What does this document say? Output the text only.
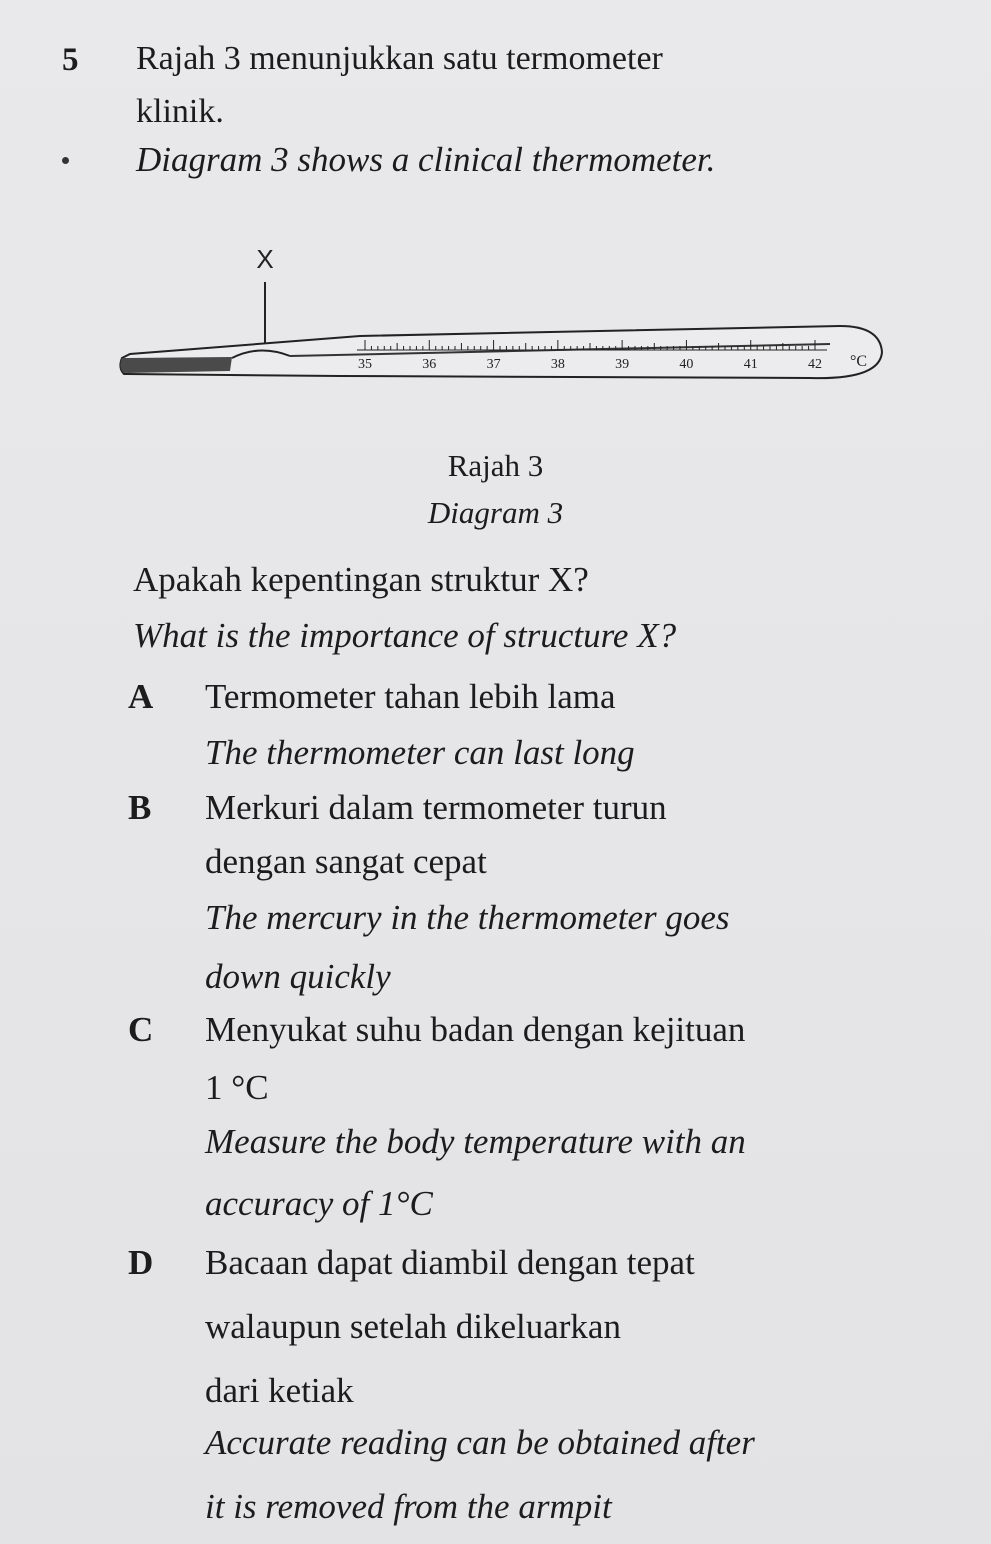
5 Rajah 3 menunjukkan satu termometer
klinik.
Diagram 3 shows a clinical thermometer.
X
35	36	37	38	39	40	41	42 °C
Rajah 3
Diagram 3
Apakah kepentingan struktur X?
What is the importance of structure X?
A Termometer tahan lebih lama
The thermometer can last long
B Merkuri dalam termometer turun
dengan sangat cepat
The mercury in the thermometer goes
down quickly
C Menyukat suhu badan dengan kejituan
1 °C
Measure the body temperature with an
accuracy of 1°C
D Bacaan dapat diambil dengan tepat
walaupun setelah dikeluarkan
dari ketiak
Accurate reading can be obtained after
it is removed from the armpit
